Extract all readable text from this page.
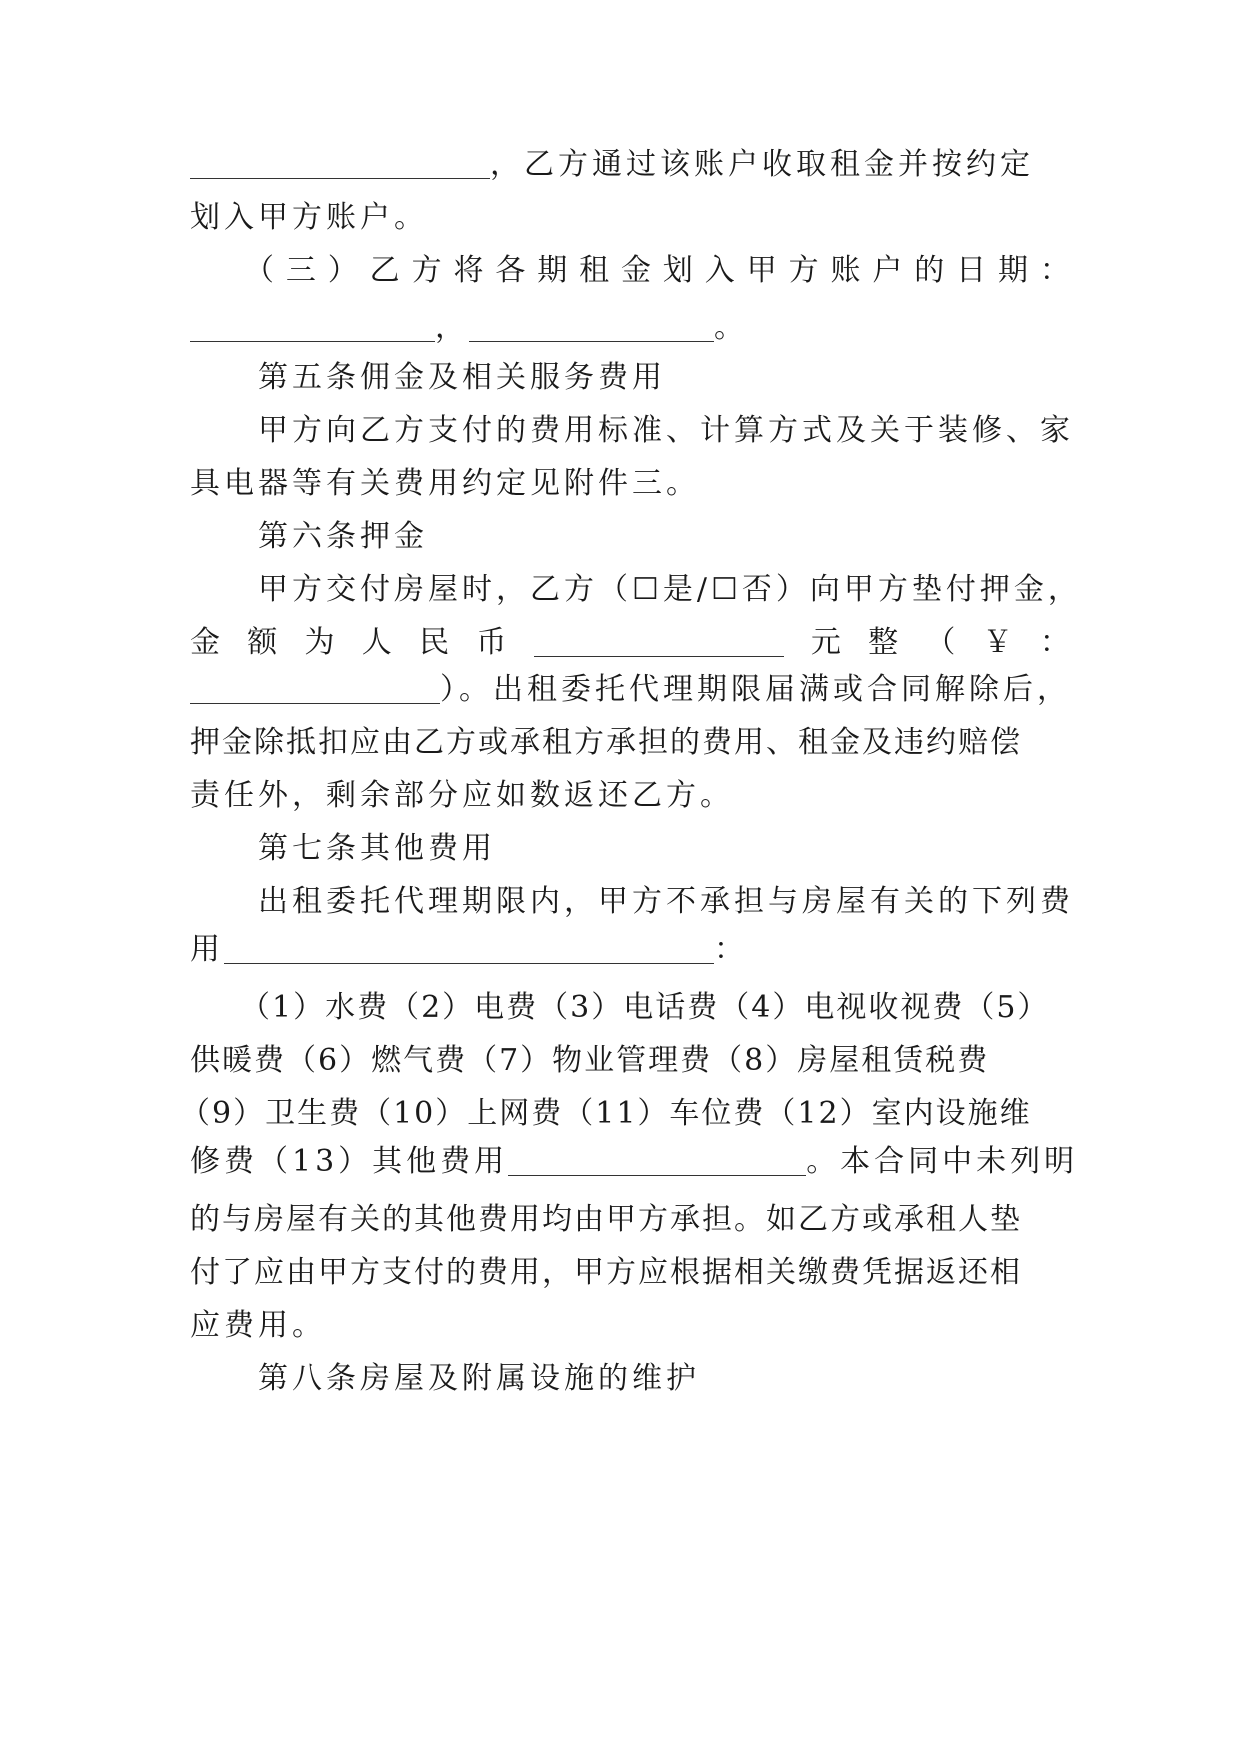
，乙方通过该账户收取租金并按约定
划入甲方账户。
（ 三 ） 乙 方 将 各 期 租 金 划 入 甲 方 账 户 的 日 期 ：
，	。
第五条佣金及相关服务费用
甲方向乙方支付的费用标准、计算方式及关于装修、家
具电器等有关费用约定见附件三。
第六条押金
甲方交付房屋时，乙方（☐是/☐否）向甲方垫付押金，
金 额 为 人 民 币	元 整 （ ￥ ：
）。出租委托代理期限届满或合同解除后，
押金除抵扣应由乙方或承租方承担的费用、租金及违约赔偿
责任外，剩余部分应如数返还乙方。
第七条其他费用
出租委托代理期限内，甲方不承担与房屋有关的下列费
用	：
（1）水费（2）电费（3）电话费（4）电视收视费（5）
供暖费（6）燃气费（7）物业管理费（8）房屋租赁税费
（9）卫生费（10）上网费（11）车位费（12）室内设施维
修费（13）其他费用	。本合同中未列明
的与房屋有关的其他费用均由甲方承担。如乙方或承租人垫
付了应由甲方支付的费用，甲方应根据相关缴费凭据返还相
应费用。
第八条房屋及附属设施的维护
